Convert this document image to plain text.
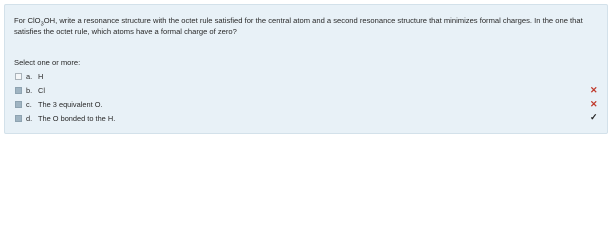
For ClO$_3$OH, write a resonance structure with the octet rule satisfied for the central atom and a second resonance structure that minimizes formal charges. In the one that satisfies the octet rule, which atoms have a formal charge of zero?
Select one or more:
a. H
b. Cl
c. The 3 equivalent O.
d. The O bonded to the H.
✕
✕
✓
